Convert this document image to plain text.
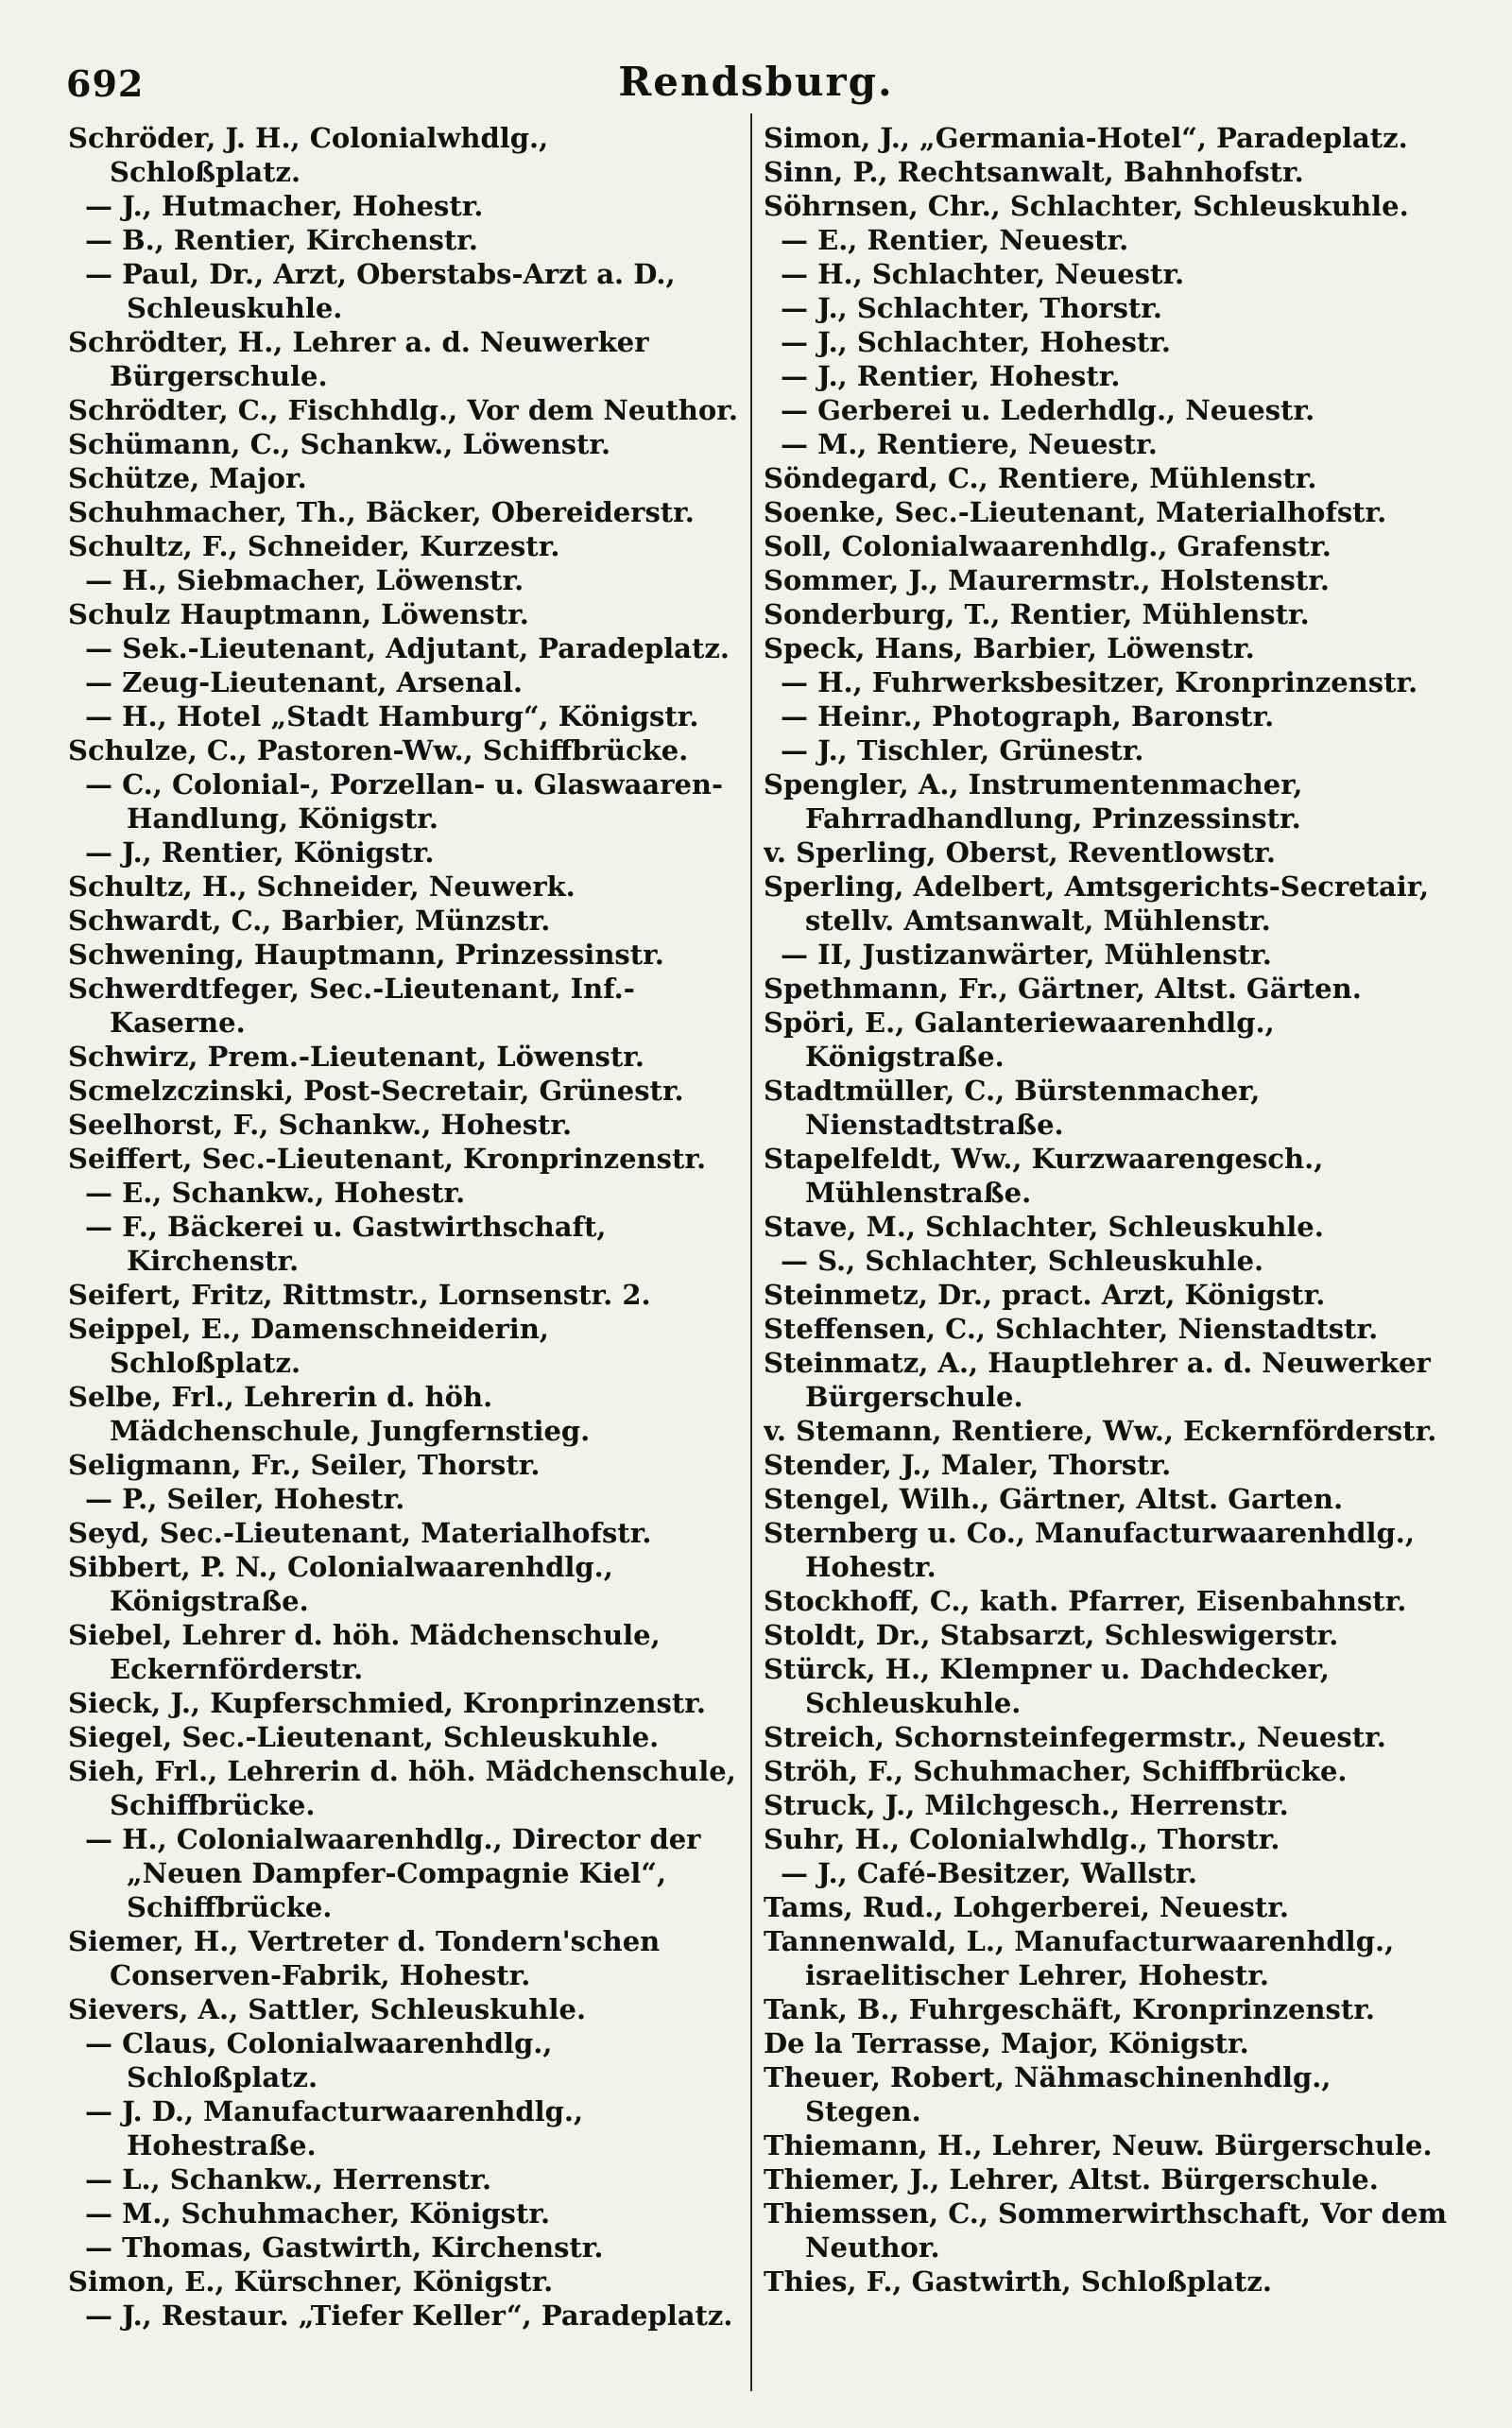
692	Rendsburg.
Schröder, J. H., Colonialwhdlg., Schloßplatz.
— J., Hutmacher, Hohestr.
— B., Rentier, Kirchenstr.
— Paul, Dr., Arzt, Oberstabs-Arzt a. D., Schleuskuhle.
Schrödter, H., Lehrer a. d. Neuwerker Bürgerschule.
Schrödter, C., Fischhdlg., Vor dem Neuthor.
Schümann, C., Schankw., Löwenstr.
Schütze, Major.
Schuhmacher, Th., Bäcker, Obereiderstr.
Schultz, F., Schneider, Kurzestr.
— H., Siebmacher, Löwenstr.
Schulz Hauptmann, Löwenstr.
— Sek.-Lieutenant, Adjutant, Paradeplatz.
— Zeug-Lieutenant, Arsenal.
— H., Hotel „Stadt Hamburg“, Königstr.
Schulze, C., Pastoren-Ww., Schiffbrücke.
— C., Colonial-, Porzellan- u. Glaswaaren-Handlung, Königstr.
— J., Rentier, Königstr.
Schultz, H., Schneider, Neuwerk.
Schwardt, C., Barbier, Münzstr.
Schwening, Hauptmann, Prinzessinstr.
Schwerdtfeger, Sec.-Lieutenant, Inf.-Kaserne.
Schwirz, Prem.-Lieutenant, Löwenstr.
Scmelzczinski, Post-Secretair, Grünestr.
Seelhorst, F., Schankw., Hohestr.
Seiffert, Sec.-Lieutenant, Kronprinzenstr.
— E., Schankw., Hohestr.
— F., Bäckerei u. Gastwirthschaft, Kirchenstr.
Seifert, Fritz, Rittmstr., Lornsenstr. 2.
Seippel, E., Damenschneiderin, Schloßplatz.
Selbe, Frl., Lehrerin d. höh. Mädchenschule, Jungfernstieg.
Seligmann, Fr., Seiler, Thorstr.
— P., Seiler, Hohestr.
Seyd, Sec.-Lieutenant, Materialhofstr.
Sibbert, P. N., Colonialwaarenhdlg., Königstraße.
Siebel, Lehrer d. höh. Mädchenschule, Eckernförderstr.
Sieck, J., Kupferschmied, Kronprinzenstr.
Siegel, Sec.-Lieutenant, Schleuskuhle.
Sieh, Frl., Lehrerin d. höh. Mädchenschule, Schiffbrücke.
— H., Colonialwaarenhdlg., Director der „Neuen Dampfer-Compagnie Kiel“, Schiffbrücke.
Siemer, H., Vertreter d. Tondern'schen Conserven-Fabrik, Hohestr.
Sievers, A., Sattler, Schleuskuhle.
— Claus, Colonialwaarenhdlg., Schloßplatz.
— J. D., Manufacturwaarenhdlg., Hohestraße.
— L., Schankw., Herrenstr.
— M., Schuhmacher, Königstr.
— Thomas, Gastwirth, Kirchenstr.
Simon, E., Kürschner, Königstr.
— J., Restaur. „Tiefer Keller“, Paradeplatz.
Simon, J., „Germania-Hotel“, Paradeplatz.
Sinn, P., Rechtsanwalt, Bahnhofstr.
Söhrnsen, Chr., Schlachter, Schleuskuhle.
— E., Rentier, Neuestr.
— H., Schlachter, Neuestr.
— J., Schlachter, Thorstr.
— J., Schlachter, Hohestr.
— J., Rentier, Hohestr.
— Gerberei u. Lederhdlg., Neuestr.
— M., Rentiere, Neuestr.
Söndegard, C., Rentiere, Mühlenstr.
Soenke, Sec.-Lieutenant, Materialhofstr.
Soll, Colonialwaarenhdlg., Grafenstr.
Sommer, J., Maurermstr., Holstenstr.
Sonderburg, T., Rentier, Mühlenstr.
Speck, Hans, Barbier, Löwenstr.
— H., Fuhrwerksbesitzer, Kronprinzenstr.
— Heinr., Photograph, Baronstr.
— J., Tischler, Grünestr.
Spengler, A., Instrumentenmacher, Fahrradhandlung, Prinzessinstr.
v. Sperling, Oberst, Reventlowstr.
Sperling, Adelbert, Amtsgerichts-Secretair, stellv. Amtsanwalt, Mühlenstr.
— II, Justizanwärter, Mühlenstr.
Spethmann, Fr., Gärtner, Altst. Gärten.
Spöri, E., Galanteriewaarenhdlg., Königstraße.
Stadtmüller, C., Bürstenmacher, Nienstadtstraße.
Stapelfeldt, Ww., Kurzwaarengesch., Mühlenstraße.
Stave, M., Schlachter, Schleuskuhle.
— S., Schlachter, Schleuskuhle.
Steinmetz, Dr., pract. Arzt, Königstr.
Steffensen, C., Schlachter, Nienstadtstr.
Steinmatz, A., Hauptlehrer a. d. Neuwerker Bürgerschule.
v. Stemann, Rentiere, Ww., Eckernförderstr.
Stender, J., Maler, Thorstr.
Stengel, Wilh., Gärtner, Altst. Garten.
Sternberg u. Co., Manufacturwaarenhdlg., Hohestr.
Stockhoff, C., kath. Pfarrer, Eisenbahnstr.
Stoldt, Dr., Stabsarzt, Schleswigerstr.
Stürck, H., Klempner u. Dachdecker, Schleuskuhle.
Streich, Schornsteinfegermstr., Neuestr.
Ströh, F., Schuhmacher, Schiffbrücke.
Struck, J., Milchgesch., Herrenstr.
Suhr, H., Colonialwhdlg., Thorstr.
— J., Café-Besitzer, Wallstr.
Tams, Rud., Lohgerberei, Neuestr.
Tannenwald, L., Manufacturwaarenhdlg., israelitischer Lehrer, Hohestr.
Tank, B., Fuhrgeschäft, Kronprinzenstr.
De la Terrasse, Major, Königstr.
Theuer, Robert, Nähmaschinenhdlg., Stegen.
Thiemann, H., Lehrer, Neuw. Bürgerschule.
Thiemer, J., Lehrer, Altst. Bürgerschule.
Thiemssen, C., Sommerwirthschaft, Vor dem Neuthor.
Thies, F., Gastwirth, Schloßplatz.
